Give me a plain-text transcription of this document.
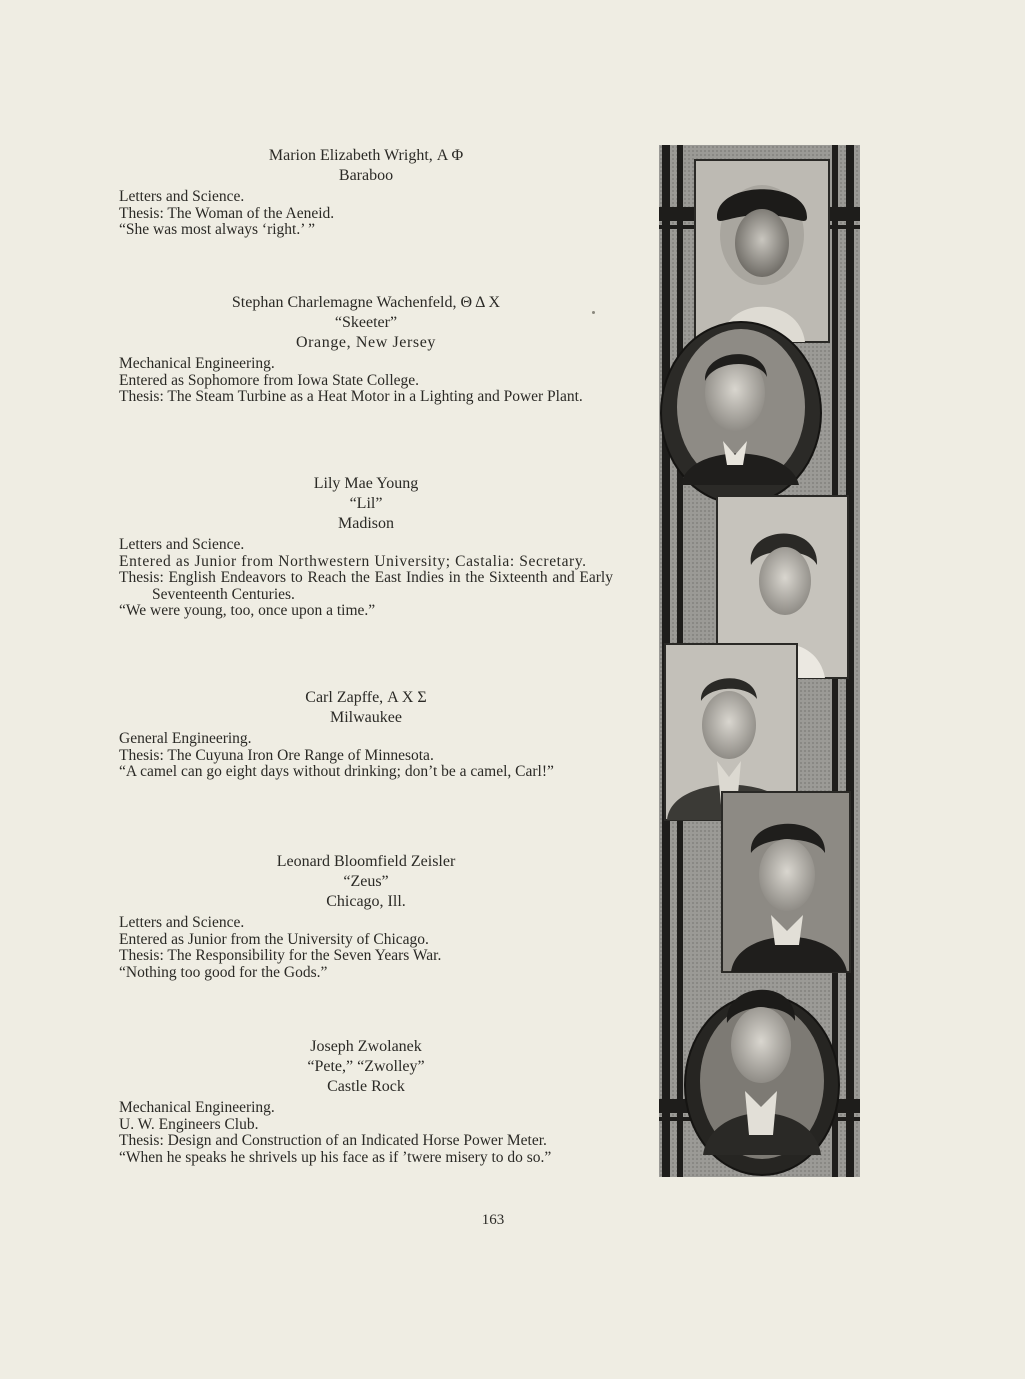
Marion Elizabeth Wright, Α Φ
Baraboo
Letters and Science.
Thesis: The Woman of the Aeneid.
“She was most always ‘right.’ ”
Stephan Charlemagne Wachenfeld, Θ Δ Χ
“Skeeter”
Orange, New Jersey
Mechanical Engineering.
Entered as Sophomore from Iowa State College.
Thesis: The Steam Turbine as a Heat Motor in a Lighting and Power Plant.
Lily Mae Young
“Lil”
Madison
Letters and Science.
Entered as Junior from Northwestern University; Castalia: Secretary.
Thesis: English Endeavors to Reach the East Indies in the Sixteenth and Early Seventeenth Centuries.
“We were young, too, once upon a time.”
Carl Zapffe, Α Χ Σ
Milwaukee
General Engineering.
Thesis: The Cuyuna Iron Ore Range of Minnesota.
“A camel can go eight days without drinking; don’t be a camel, Carl!”
Leonard Bloomfield Zeisler
“Zeus”
Chicago, Ill.
Letters and Science.
Entered as Junior from the University of Chicago.
Thesis: The Responsibility for the Seven Years War.
“Nothing too good for the Gods.”
Joseph Zwolanek
“Pete,” “Zwolley”
Castle Rock
Mechanical Engineering.
U. W. Engineers Club.
Thesis: Design and Construction of an Indicated Horse Power Meter.
“When he speaks he shrivels up his face as if ’twere misery to do so.”
163
